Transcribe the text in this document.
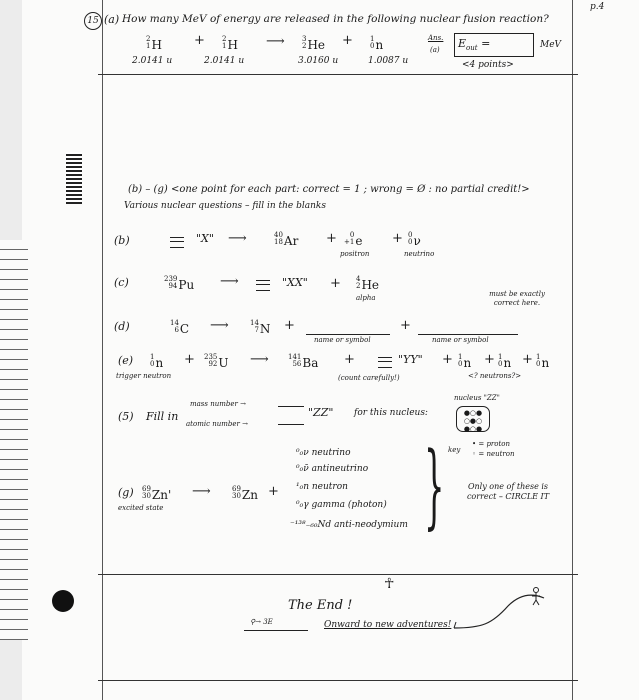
p.4
15 (a) How many MeV of energy are released in the following nuclear fusion reaction?
2
1 H
2.0141 u
+ 2
1 H
2.0141 u
⟶ 3
2 He
3.0160 u
+ 1
0 n
1.0087 u
Ans.
(a) $E_{out}$ =	MeV
<4 points>
(b) – (g) <one point for each part: correct = 1 ; wrong = Ø : no partial credit!>
Various nuclear questions – fill in the blanks
(b)	"X" ⟶	40
18 Ar +	0
+1 e
positron
+ 0
0 ν
neutrino
(c)	239
94 Pu ⟶	"XX" + 4
2 He
alpha	must be exactly correct here.
(d)	14
6 C ⟶	14
7 N +
name or symbol
+
name or symbol
(e) 1
0 n
trigger neutron
+ 235
92 U ⟶	141
56 Ba +	"YY"
(count carefully!)
+ 1
0 n + 1
0 n + 1
0 n
<? neutrons?>
(5) Fill in
mass number →
atomic number →
"ZZ" for this nucleus:
nucleus "ZZ"
●○●
○●○
●○●
key
• = proton
◦ = neutron
(g) 69
30 Zn'
excited state
⟶	69
30 Zn +
⁰₀ν neutrino
⁰₀ν̄ antineutrino
¹₀n neutron
⁰₀γ gamma (photon)
⁻¹³⁸₋₆₀Nd anti-neodymium }	Only one of these is correct – CIRCLE IT
The End !
Onward to new adventures!
⚲→ 3E
☥
